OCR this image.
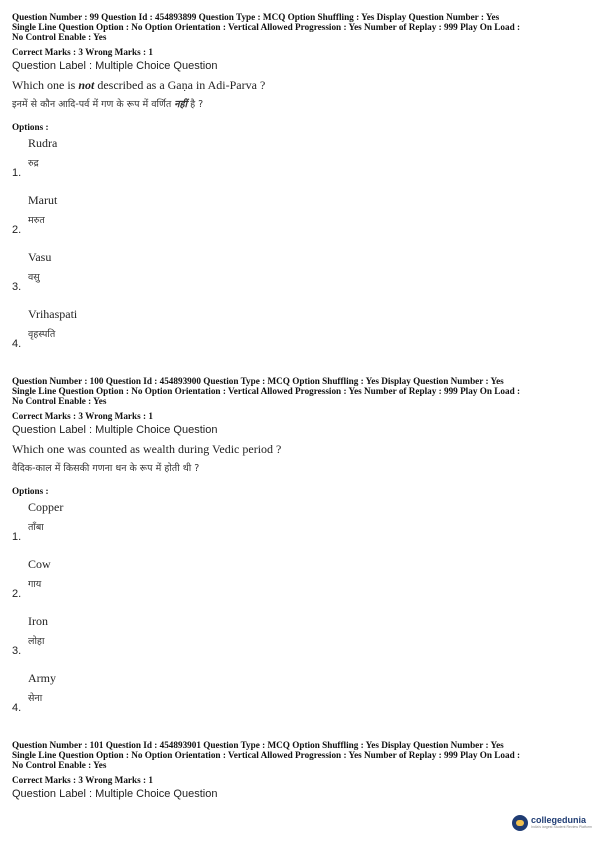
Question Number : 99 Question Id : 454893899 Question Type : MCQ Option Shuffling : Yes Display Question Number : Yes
Single Line Question Option : No Option Orientation : Vertical Allowed Progression : Yes Number of Replay : 999 Play On Load :
No Control Enable : Yes
Correct Marks : 3 Wrong Marks : 1
Question Label : Multiple Choice Question
Which one is not described as a Gaṇa in Adi-Parva ?
इनमें से कौन आदि-पर्व में गण के रूप में वर्णित नहीं है ?
Options :
Rudra
रुद्र
1.
Marut
मरुत
2.
Vasu
वसु
3.
Vrihaspati
वृहस्पति
4.
Question Number : 100 Question Id : 454893900 Question Type : MCQ Option Shuffling : Yes Display Question Number : Yes
Single Line Question Option : No Option Orientation : Vertical Allowed Progression : Yes Number of Replay : 999 Play On Load :
No Control Enable : Yes
Correct Marks : 3 Wrong Marks : 1
Question Label : Multiple Choice Question
Which one was counted as wealth during Vedic period ?
वैदिक-काल में किसकी गणना धन के रूप में होती थी ?
Options :
Copper
ताँबा
1.
Cow
गाय
2.
Iron
लोहा
3.
Army
सेना
4.
Question Number : 101 Question Id : 454893901 Question Type : MCQ Option Shuffling : Yes Display Question Number : Yes
Single Line Question Option : No Option Orientation : Vertical Allowed Progression : Yes Number of Replay : 999 Play On Load :
No Control Enable : Yes
Correct Marks : 3 Wrong Marks : 1
Question Label : Multiple Choice Question
collegedunia
India's largest Student Review Platform
